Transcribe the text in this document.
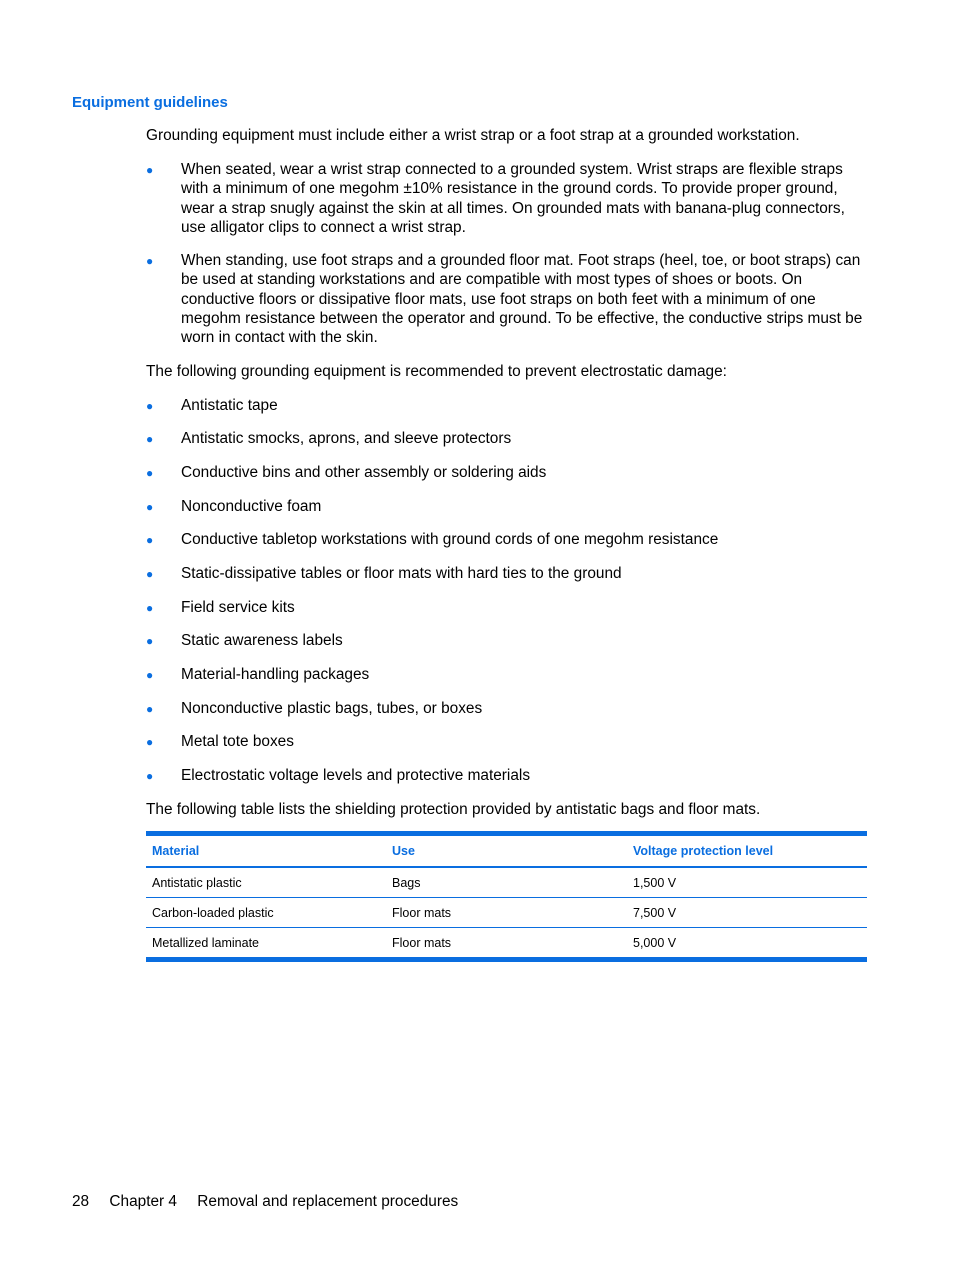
Equipment guidelines

Grounding equipment must include either a wrist strap or a foot strap at a grounded workstation.

● When seated, wear a wrist strap connected to a grounded system. Wrist straps are flexible straps with a minimum of one megohm ±10% resistance in the ground cords. To provide proper ground, wear a strap snugly against the skin at all times. On grounded mats with banana-plug connectors, use alligator clips to connect a wrist strap.
● When standing, use foot straps and a grounded floor mat. Foot straps (heel, toe, or boot straps) can be used at standing workstations and are compatible with most types of shoes or boots. On conductive floors or dissipative floor mats, use foot straps on both feet with a minimum of one megohm resistance between the operator and ground. To be effective, the conductive strips must be worn in contact with the skin.

The following grounding equipment is recommended to prevent electrostatic damage:

● Antistatic tape
● Antistatic smocks, aprons, and sleeve protectors
● Conductive bins and other assembly or soldering aids
● Nonconductive foam
● Conductive tabletop workstations with ground cords of one megohm resistance
● Static-dissipative tables or floor mats with hard ties to the ground
● Field service kits
● Static awareness labels
● Material-handling packages
● Nonconductive plastic bags, tubes, or boxes
● Metal tote boxes
● Electrostatic voltage levels and protective materials

The following table lists the shielding protection provided by antistatic bags and floor mats.

Material	Use	Voltage protection level
Antistatic plastic	Bags	1,500 V
Carbon-loaded plastic	Floor mats	7,500 V
Metallized laminate	Floor mats	5,000 V
28 Chapter 4 Removal and replacement procedures
